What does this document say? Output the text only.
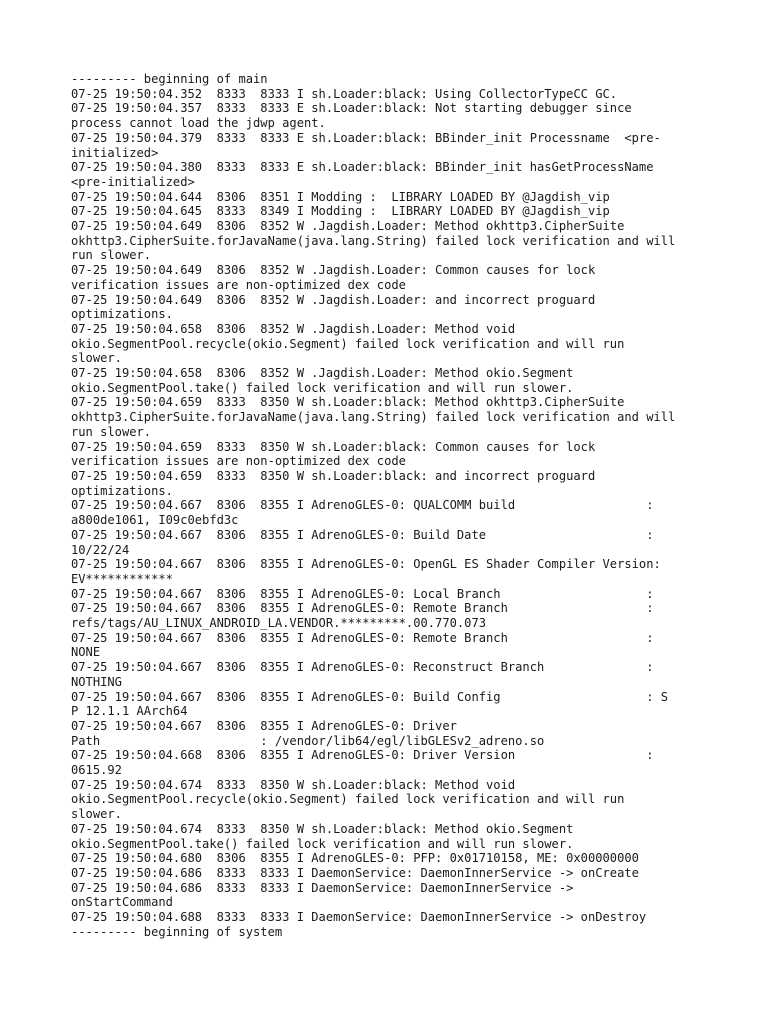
--------- beginning of main
07-25 19:50:04.352  8333  8333 I sh.Loader:black: Using CollectorTypeCC GC.
07-25 19:50:04.357  8333  8333 E sh.Loader:black: Not starting debugger since
process cannot load the jdwp agent.
07-25 19:50:04.379  8333  8333 E sh.Loader:black: BBinder_init Processname  <pre-
initialized>
07-25 19:50:04.380  8333  8333 E sh.Loader:black: BBinder_init hasGetProcessName
<pre-initialized>
07-25 19:50:04.644  8306  8351 I Modding :  LIBRARY LOADED BY @Jagdish_vip
07-25 19:50:04.645  8333  8349 I Modding :  LIBRARY LOADED BY @Jagdish_vip
07-25 19:50:04.649  8306  8352 W .Jagdish.Loader: Method okhttp3.CipherSuite
okhttp3.CipherSuite.forJavaName(java.lang.String) failed lock verification and will
run slower.
07-25 19:50:04.649  8306  8352 W .Jagdish.Loader: Common causes for lock
verification issues are non-optimized dex code
07-25 19:50:04.649  8306  8352 W .Jagdish.Loader: and incorrect proguard
optimizations.
07-25 19:50:04.658  8306  8352 W .Jagdish.Loader: Method void
okio.SegmentPool.recycle(okio.Segment) failed lock verification and will run
slower.
07-25 19:50:04.658  8306  8352 W .Jagdish.Loader: Method okio.Segment
okio.SegmentPool.take() failed lock verification and will run slower.
07-25 19:50:04.659  8333  8350 W sh.Loader:black: Method okhttp3.CipherSuite
okhttp3.CipherSuite.forJavaName(java.lang.String) failed lock verification and will
run slower.
07-25 19:50:04.659  8333  8350 W sh.Loader:black: Common causes for lock
verification issues are non-optimized dex code
07-25 19:50:04.659  8333  8350 W sh.Loader:black: and incorrect proguard
optimizations.
07-25 19:50:04.667  8306  8355 I AdrenoGLES-0: QUALCOMM build                  :
a800de1061, I09c0ebfd3c
07-25 19:50:04.667  8306  8355 I AdrenoGLES-0: Build Date                      :
10/22/24
07-25 19:50:04.667  8306  8355 I AdrenoGLES-0: OpenGL ES Shader Compiler Version:
EV************
07-25 19:50:04.667  8306  8355 I AdrenoGLES-0: Local Branch                    :
07-25 19:50:04.667  8306  8355 I AdrenoGLES-0: Remote Branch                   :
refs/tags/AU_LINUX_ANDROID_LA.VENDOR.*********.00.770.073
07-25 19:50:04.667  8306  8355 I AdrenoGLES-0: Remote Branch                   :
NONE
07-25 19:50:04.667  8306  8355 I AdrenoGLES-0: Reconstruct Branch              :
NOTHING
07-25 19:50:04.667  8306  8355 I AdrenoGLES-0: Build Config                    : S
P 12.1.1 AArch64
07-25 19:50:04.667  8306  8355 I AdrenoGLES-0: Driver
Path                      : /vendor/lib64/egl/libGLESv2_adreno.so
07-25 19:50:04.668  8306  8355 I AdrenoGLES-0: Driver Version                  :
0615.92
07-25 19:50:04.674  8333  8350 W sh.Loader:black: Method void
okio.SegmentPool.recycle(okio.Segment) failed lock verification and will run
slower.
07-25 19:50:04.674  8333  8350 W sh.Loader:black: Method okio.Segment
okio.SegmentPool.take() failed lock verification and will run slower.
07-25 19:50:04.680  8306  8355 I AdrenoGLES-0: PFP: 0x01710158, ME: 0x00000000
07-25 19:50:04.686  8333  8333 I DaemonService: DaemonInnerService -> onCreate
07-25 19:50:04.686  8333  8333 I DaemonService: DaemonInnerService ->
onStartCommand
07-25 19:50:04.688  8333  8333 I DaemonService: DaemonInnerService -> onDestroy
--------- beginning of system
